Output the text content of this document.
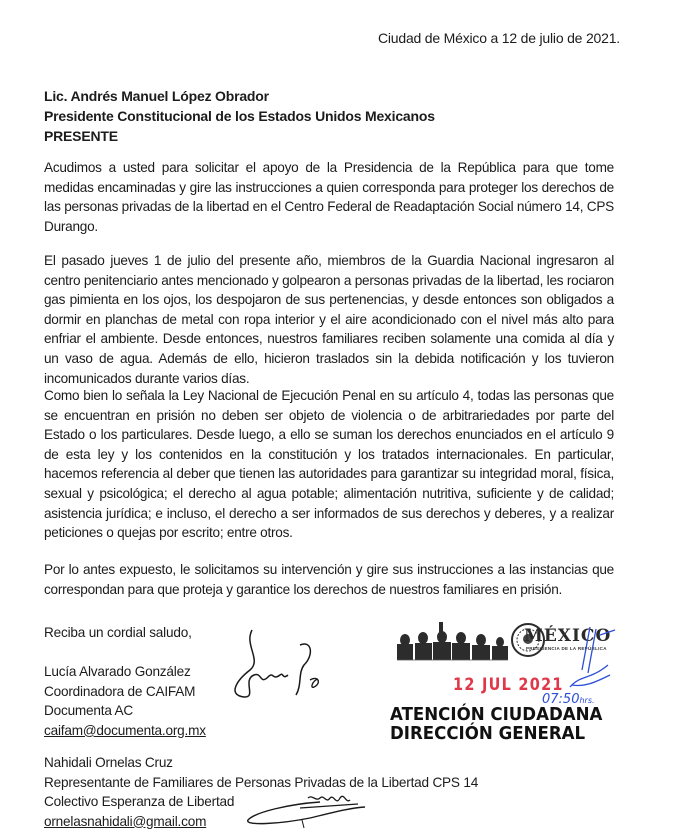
Ciudad de México a 12 de julio de 2021.
Lic. Andrés Manuel López Obrador
Presidente Constitucional de los Estados Unidos Mexicanos
PRESENTE
Acudimos a usted para solicitar el apoyo de la Presidencia de la República para que tome medidas encaminadas y gire las instrucciones a quien corresponda para proteger los derechos de las personas privadas de la libertad en el Centro Federal de Readaptación Social número 14, CPS Durango.
El pasado jueves 1 de julio del presente año, miembros de la Guardia Nacional ingresaron al centro penitenciario antes mencionado y golpearon a personas privadas de la libertad, les rociaron gas pimienta en los ojos, los despojaron de sus pertenencias, y desde entonces son obligados a dormir en planchas de metal con ropa interior y el aire acondicionado con el nivel más alto para enfriar el ambiente. Desde entonces, nuestros familiares reciben solamente una comida al día y un vaso de agua. Además de ello, hicieron traslados sin la debida notificación y los tuvieron incomunicados durante varios días.
Como bien lo señala la Ley Nacional de Ejecución Penal en su artículo 4, todas las personas que se encuentran en prisión no deben ser objeto de violencia o de arbitrariedades por parte del Estado o los particulares. Desde luego, a ello se suman los derechos enunciados en el artículo 9 de esta ley y los contenidos en la constitución y los tratados internacionales. En particular, hacemos referencia al deber que tienen las autoridades para garantizar su integridad moral, física, sexual y psicológica; el derecho al agua potable; alimentación nutritiva, suficiente y de calidad; asistencia jurídica; e incluso, el derecho a ser informados de sus derechos y deberes, y a realizar peticiones o quejas por escrito; entre otros.
Por lo antes expuesto, le solicitamos su intervención y gire sus instrucciones a las instancias que correspondan para que proteja y garantice los derechos de nuestros familiares en prisión.
Reciba un cordial saludo,
Lucía Alvarado González
Coordinadora de CAIFAM
Documenta AC
caifam@documenta.org.mx
Nahidali Ornelas Cruz
Representante de Familiares de Personas Privadas de la Libertad CPS 14
Colectivo Esperanza de Libertad
ornelasnahidali@gmail.com
MÉXICO
PRESIDENCIA DE LA REPÚBLICA
12 JUL 2021
07:50hrs.
ATENCIÓN CIUDADANA
DIRECCIÓN GENERAL
